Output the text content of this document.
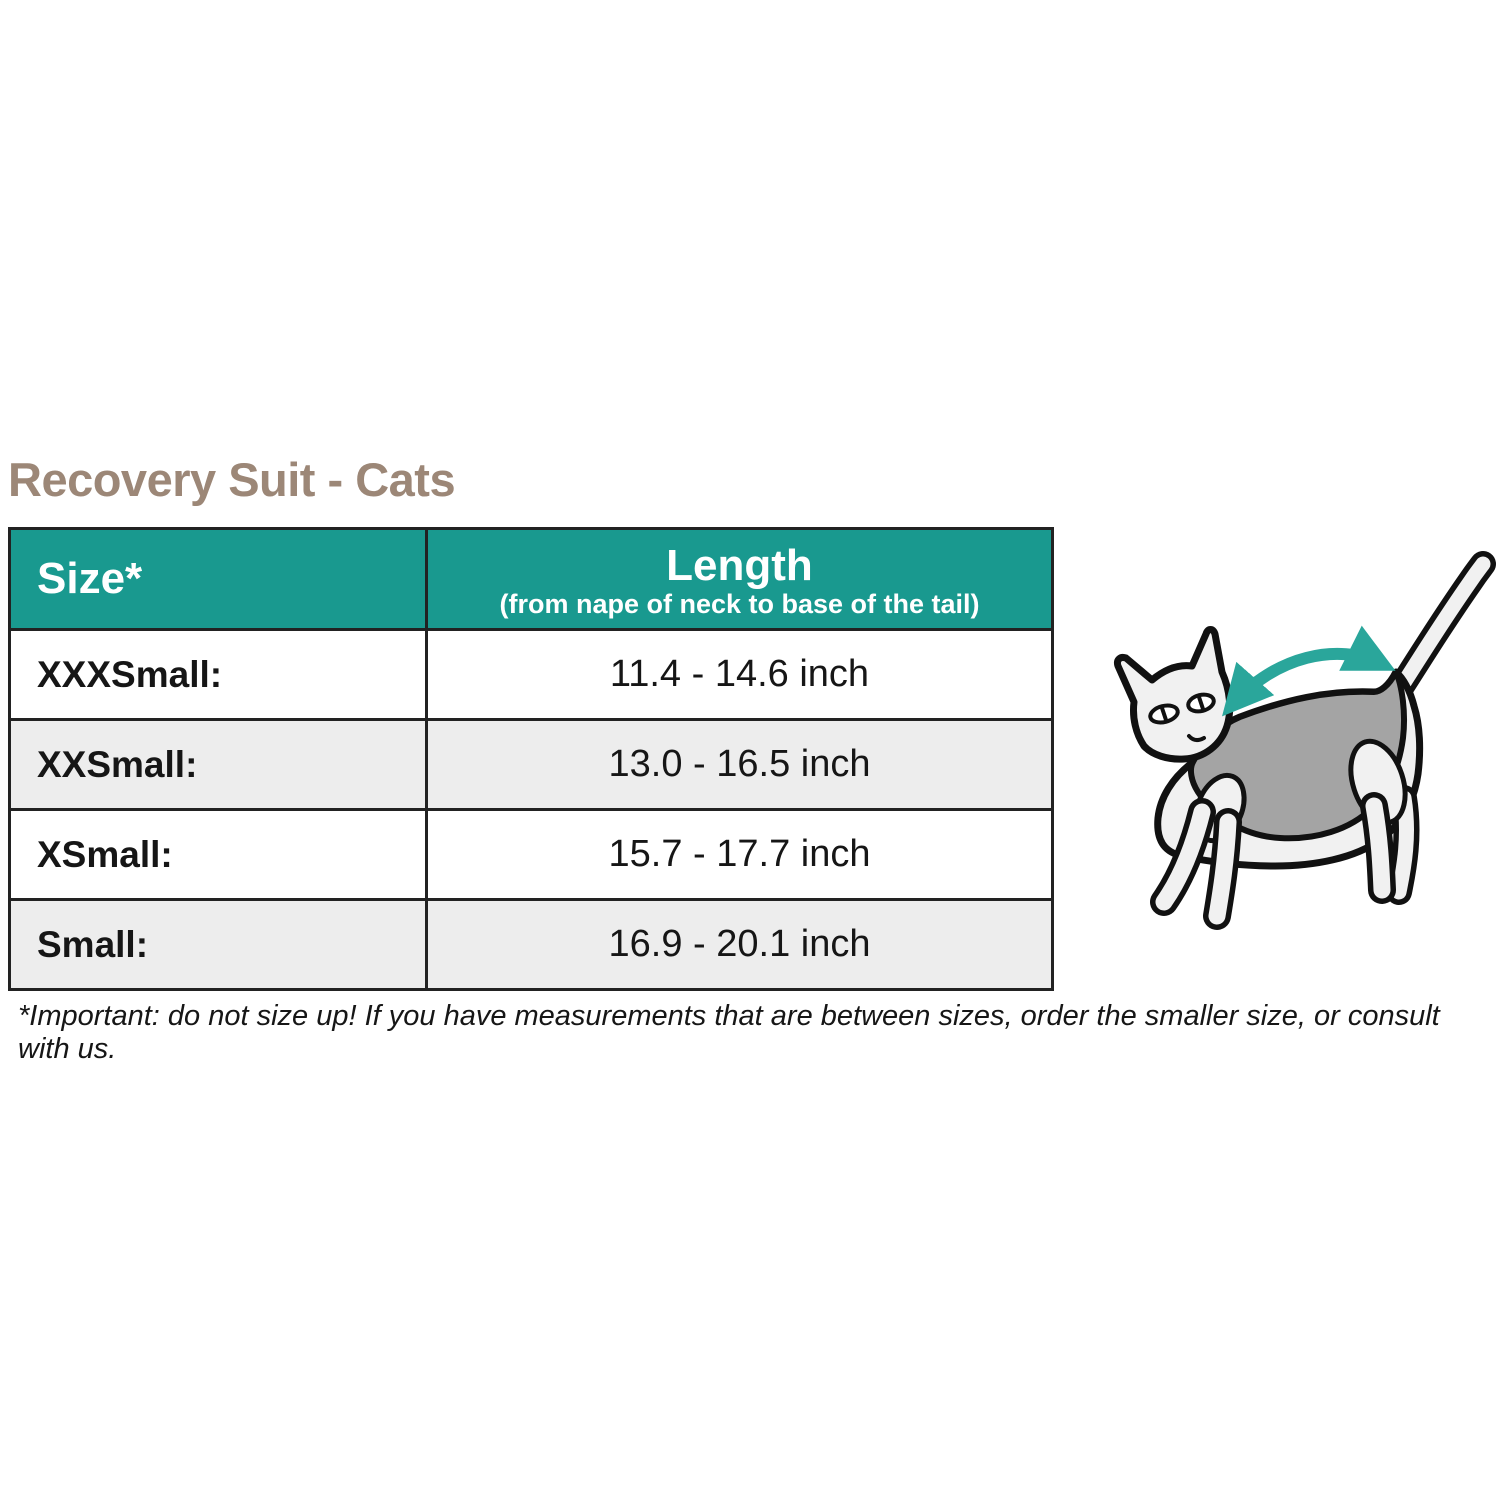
Recovery Suit - Cats
Size*	Length
(from nape of neck to base of the tail)

XXXSmall:	11.4 - 14.6 inch
XXSmall:	13.0 - 16.5 inch
XSmall:	15.7 - 17.7 inch
Small:	16.9 - 20.1 inch

*Important: do not size up! If you have measurements that are between sizes, order the smaller size, or consult with us.
